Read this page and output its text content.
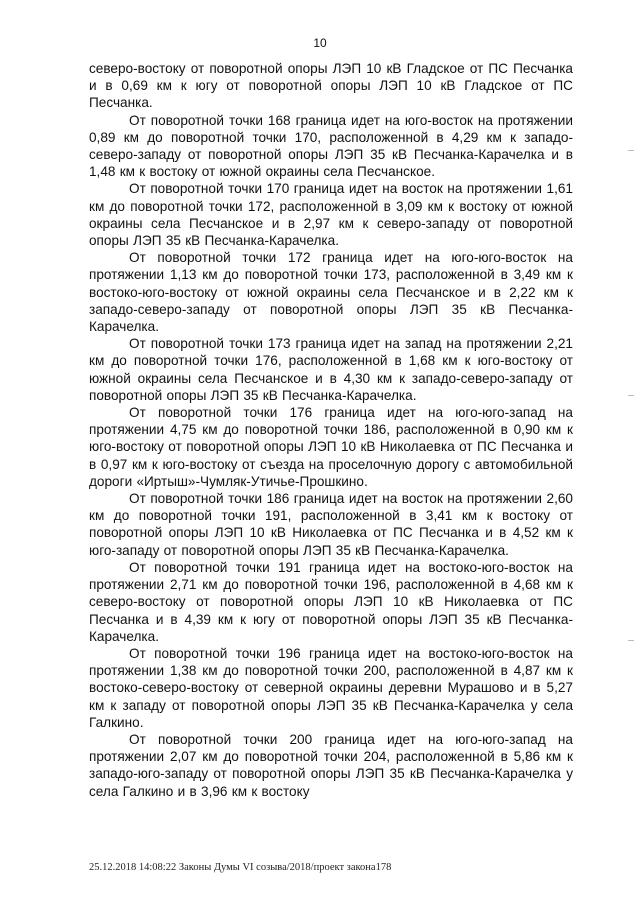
10

северо-востоку от поворотной опоры ЛЭП 10 кВ Гладское от ПС Песчанка и в 0,69 км к югу от поворотной опоры ЛЭП 10 кВ Гладское от ПС Песчанка.

От поворотной точки 168 граница идет на юго-восток на протяжении 0,89 км до поворотной точки 170, расположенной в 4,29 км к западо-северо-западу от поворотной опоры ЛЭП 35 кВ Песчанка-Карачелка и в 1,48 км к востоку от южной окраины села Песчанское.

От поворотной точки 170 граница идет на восток на протяжении 1,61 км до поворотной точки 172, расположенной в 3,09 км к востоку от южной окраины села Песчанское и в 2,97 км к северо-западу от поворотной опоры ЛЭП 35 кВ Песчанка-Карачелка.

От поворотной точки 172 граница идет на юго-юго-восток на протяжении 1,13 км до поворотной точки 173, расположенной в 3,49 км к востоко-юго-востоку от южной окраины села Песчанское и в 2,22 км к западо-северо-западу от поворотной опоры ЛЭП 35 кВ Песчанка-Карачелка.

От поворотной точки 173 граница идет на запад на протяжении 2,21 км до поворотной точки 176, расположенной в 1,68 км к юго-востоку от южной окраины села Песчанское и в 4,30 км к западо-северо-западу от поворотной опоры ЛЭП 35 кВ Песчанка-Карачелка.

От поворотной точки 176 граница идет на юго-юго-запад на протяжении 4,75 км до поворотной точки 186, расположенной в 0,90 км к юго-востоку от поворотной опоры ЛЭП 10 кВ Николаевка от ПС Песчанка и в 0,97 км к юго-востоку от съезда на проселочную дорогу с автомобильной дороги «Иртыш»-Чумляк-Утичье-Прошкино.

От поворотной точки 186 граница идет на восток на протяжении 2,60 км до поворотной точки 191, расположенной в 3,41 км к востоку от поворотной опоры ЛЭП 10 кВ Николаевка от ПС Песчанка и в 4,52 км к юго-западу от поворотной опоры ЛЭП 35 кВ Песчанка-Карачелка.

От поворотной точки 191 граница идет на востоко-юго-восток на протяжении 2,71 км до поворотной точки 196, расположенной в 4,68 км к северо-востоку от поворотной опоры ЛЭП 10 кВ Николаевка от ПС Песчанка и в 4,39 км к югу от поворотной опоры ЛЭП 35 кВ Песчанка-Карачелка.

От поворотной точки 196 граница идет на востоко-юго-восток на протяжении 1,38 км до поворотной точки 200, расположенной в 4,87 км к востоко-северо-востоку от северной окраины деревни Мурашово и в 5,27 км к западу от поворотной опоры ЛЭП 35 кВ Песчанка-Карачелка у села Галкино.

От поворотной точки 200 граница идет на юго-юго-запад на протяжении 2,07 км до поворотной точки 204, расположенной в 5,86 км к западо-юго-западу от поворотной опоры ЛЭП 35 кВ Песчанка-Карачелка у села Галкино и в 3,96 км к востоку

25.12.2018 14:08:22 Законы Думы VI созыва/2018/проект закона178
